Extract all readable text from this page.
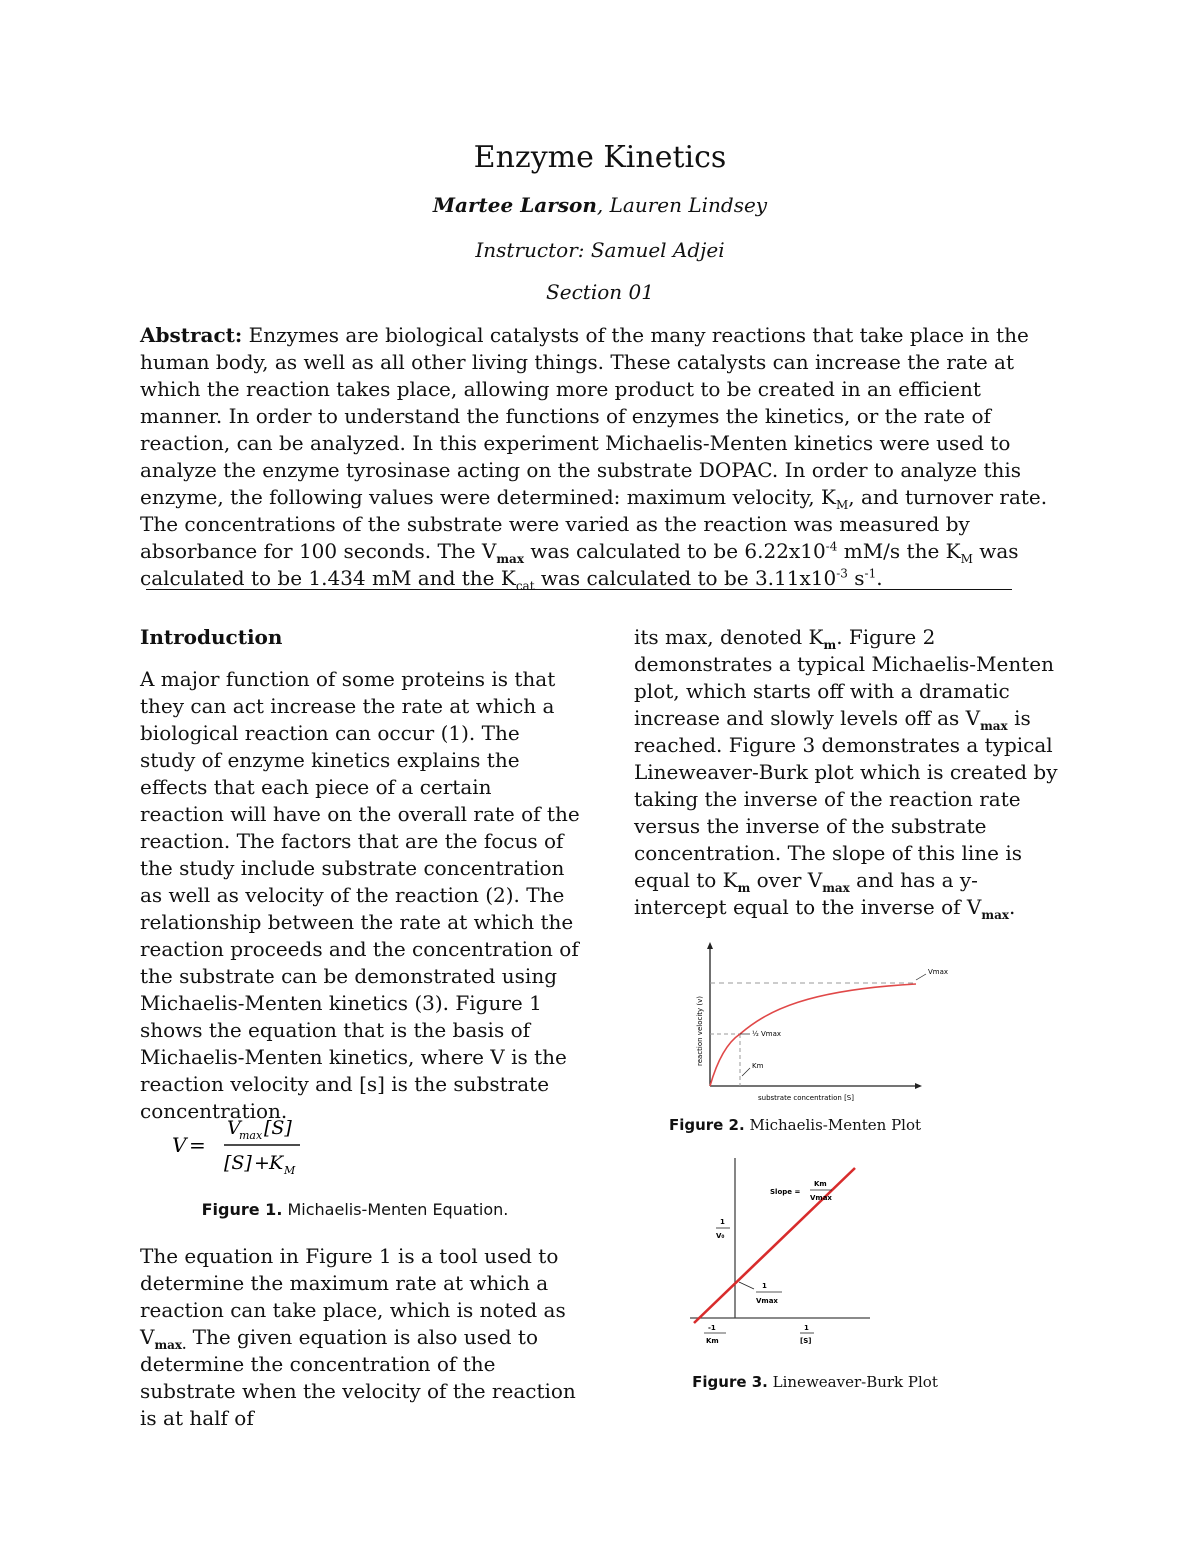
Enzyme Kinetics
Martee Larson, Lauren Lindsey
Instructor: Samuel Adjei
Section 01
Abstract: Enzymes are biological catalysts of the many reactions that take place in the human body, as well as all other living things. These catalysts can increase the rate at which the reaction takes place, allowing more product to be created in an efficient manner. In order to understand the functions of enzymes the kinetics, or the rate of reaction, can be analyzed. In this experiment Michaelis-Menten kinetics were used to analyze the enzyme tyrosinase acting on the substrate DOPAC. In order to analyze this enzyme, the following values were determined: maximum velocity, $K_M$, and turnover rate. The concentrations of the substrate were varied as the reaction was measured by absorbance for 100 seconds. The $V_{max}$ was calculated to be $6.22x10^{-4}$ mM/s the $K_M$ was calculated to be 1.434 mM and the $K_{cat}$ was calculated to be $3.11x10^{-3}$ $s^{-1}$.
Introduction

A major function of some proteins is that they can act increase the rate at which a biological reaction can occur (1). The study of enzyme kinetics explains the effects that each piece of a certain reaction will have on the overall rate of the reaction. The factors that are the focus of the study include substrate concentration as well as velocity of the reaction (2). The relationship between the rate at which the reaction proceeds and the concentration of the substrate can be demonstrated using Michaelis-Menten kinetics (3). Figure 1 shows the equation that is the basis of Michaelis-Menten kinetics, where V is the reaction velocity and [s] is the substrate concentration.

V =
V
max [S]
[S] + K M
Figure 1. Michaelis-Menten Equation.

The equation in Figure 1 is a tool used to determine the maximum rate at which a reaction can take place, which is noted as $V_{max.}$ The given equation is also used to determine the concentration of the substrate when the velocity of the reaction is at half of

its max, denoted $K_m$. Figure 2 demonstrates a typical Michaelis-Menten plot, which starts off with a dramatic increase and slowly levels off as $V_{max}$ is reached. Figure 3 demonstrates a typical Lineweaver-Burk plot which is created by taking the inverse of the reaction rate versus the inverse of the substrate concentration. The slope of this line is equal to $K_m$ over $V_{max}$ and has a y-intercept equal to the inverse of $V_{max}$.

reaction velocity (v)
substrate concentration [S]
Vmax
½ Vmax
Km
Figure 2. Michaelis-Menten Plot
Slope =
Km
Vmax
1
V₀
1
Vmax
-1
Km
1
[S]
Figure 3. Lineweaver-Burk Plot
